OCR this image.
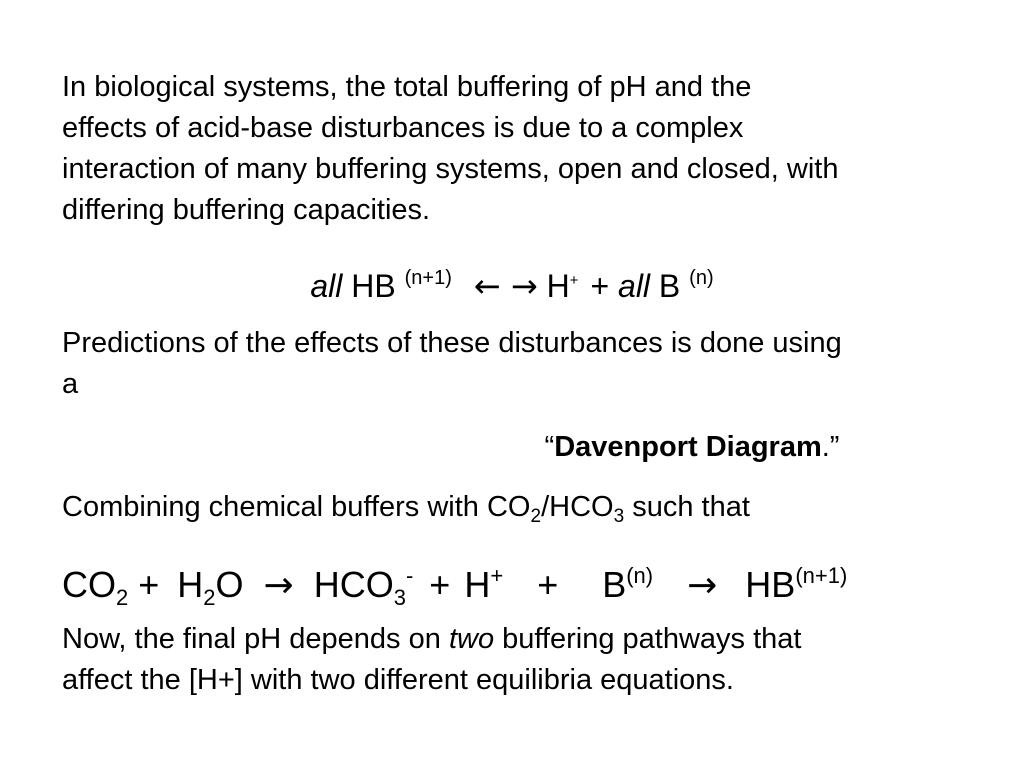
In biological systems, the total buffering of pH and the
effects of acid-base disturbances is due to a complex
interaction of many buffering systems, open and closed, with
differing buffering capacities.

all HB $^{(n+1)}$ ← → H+ + all B $^{(n)}$

Predictions of the effects of these disturbances is done using
a

“Davenport Diagram.”

Combining chemical buffers with $CO_2/HCO_3$ such that

$CO_2 + H_2O \to HCO_3^- + H^+ + B^{(n)} \to HB^{(n+1)}$

Now, the final pH depends on two buffering pathways that
affect the [H+] with two different equilibria equations.
